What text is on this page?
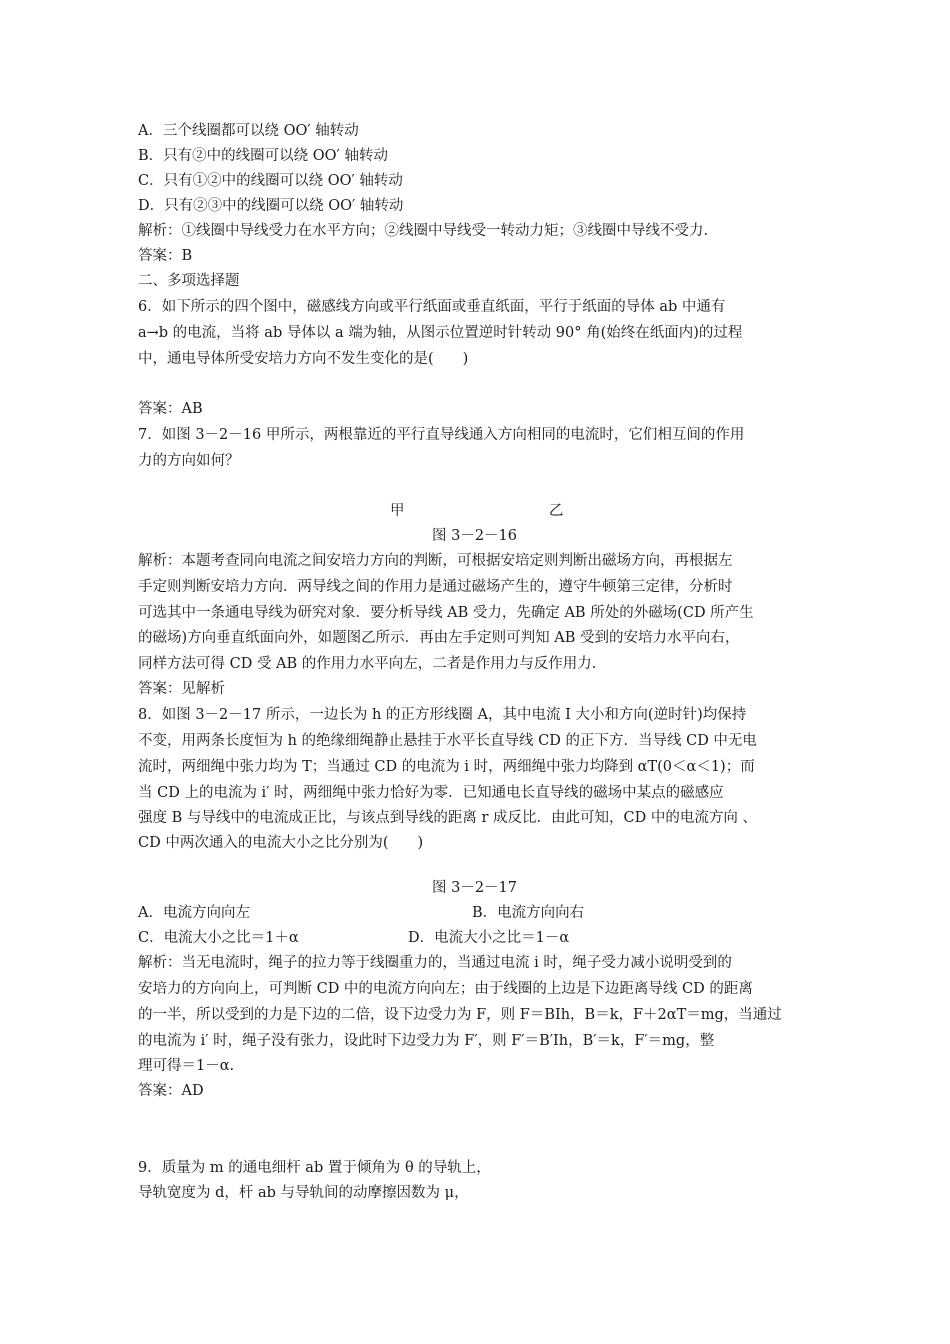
A．三个线圈都可以绕 OO′ 轴转动
B．只有②中的线圈可以绕 OO′ 轴转动
C．只有①②中的线圈可以绕 OO′ 轴转动
D．只有②③中的线圈可以绕 OO′ 轴转动
解析：①线圈中导线受力在水平方向；②线圈中导线受一转动力矩；③线圈中导线不受力.
答案：B
二、多项选择题
6．如下所示的四个图中，磁感线方向或平行纸面或垂直纸面，平行于纸面的导体 ab 中通有
a→b 的电流，当将 ab 导体以 a 端为轴，从图示位置逆时针转动 90° 角(始终在纸面内)的过程
中，通电导体所受安培力方向不发生变化的是(　　)
答案：AB
7．如图 3－2－16 甲所示，两根靠近的平行直导线通入方向相同的电流时，它们相互间的作用
力的方向如何？
甲	乙
图 3－2－16
解析：本题考查同向电流之间安培力方向的判断，可根据安培定则判断出磁场方向，再根据左
手定则判断安培力方向．两导线之间的作用力是通过磁场产生的，遵守牛顿第三定律，分析时
可选其中一条通电导线为研究对象．要分析导线 AB 受力，先确定 AB 所处的外磁场(CD 所产生
的磁场)方向垂直纸面向外，如题图乙所示．再由左手定则可判知 AB 受到的安培力水平向右，
同样方法可得 CD 受 AB 的作用力水平向左，二者是作用力与反作用力.
答案：见解析
8．如图 3－2－17 所示，一边长为 h 的正方形线圈 A，其中电流 I 大小和方向(逆时针)均保持
不变，用两条长度恒为 h 的绝缘细绳静止悬挂于水平长直导线 CD 的正下方．当导线 CD 中无电
流时，两细绳中张力均为 T；当通过 CD 的电流为 i 时，两细绳中张力均降到 αT(0＜α＜1)；而
当 CD 上的电流为 i′ 时，两细绳中张力恰好为零．已知通电长直导线的磁场中某点的磁感应
强度 B 与导线中的电流成正比，与该点到导线的距离 r 成反比．由此可知，CD 中的电流方向 、
CD 中两次通入的电流大小之比分别为(　　)
图 3－2－17
A．电流方向向左	B．电流方向向右
C．电流大小之比＝1＋α	D．电流大小之比＝1－α
解析：当无电流时，绳子的拉力等于线圈重力的，当通过电流 i 时，绳子受力减小说明受到的
安培力的方向向上，可判断 CD 中的电流方向向左；由于线圈的上边是下边距离导线 CD 的距离
的一半，所以受到的力是下边的二倍，设下边受力为 F，则 F＝BIh，B＝k，F＋2αT＝mg，当通过
的电流为 i′ 时，绳子没有张力，设此时下边受力为 F′，则 F′＝B′Ih，B′＝k，F′＝mg，整
理可得＝1－α.
答案：AD
9．质量为 m 的通电细杆 ab 置于倾角为 θ 的导轨上，
导轨宽度为 d，杆 ab 与导轨间的动摩擦因数为 μ，
